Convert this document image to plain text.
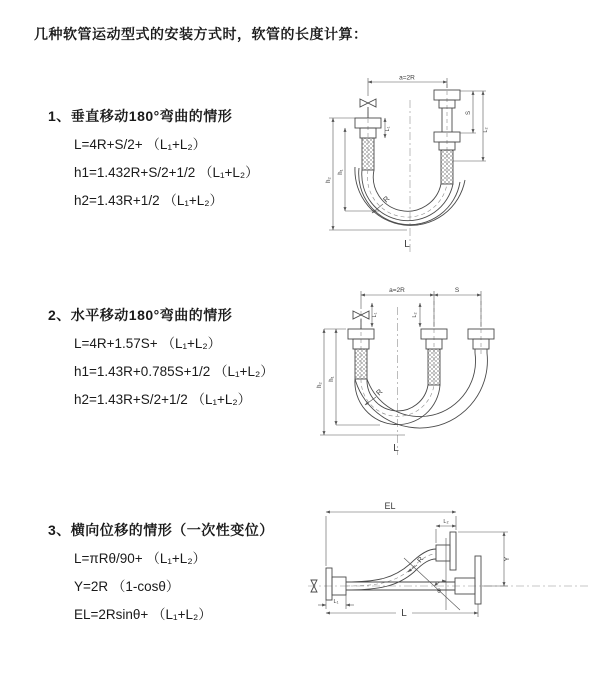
几种软管运动型式的安装方式时，软管的长度计算：
1、垂直移动180°弯曲的情形
L=4R+S/2+ （L₁+L₂）
h1=1.432R+S/2+1/2 （L₁+L₂）
h2=1.43R+1/2 （L₁+L₂）
2、水平移动180°弯曲的情形
L=4R+1.57S+ （L₁+L₂）
h1=1.43R+0.785S+1/2 （L₁+L₂）
h2=1.43R+S/2+1/2 （L₁+L₂）
3、横向位移的情形（一次性变位）
L=πRθ/90+ （L₁+L₂）
Y=2R （1-cosθ）
EL=2Rsinθ+ （L₁+L₂）
a=2R
h₂
h₁
L₁
S
L₂
R
L
a=2R	S
h₂
h₁
L₁	L₂
R
L
EL
L₂
Y
θ
R
L₁
L
